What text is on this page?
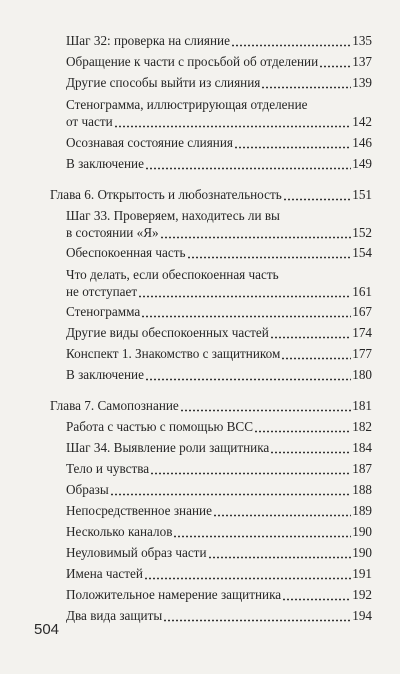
Шаг 32: проверка на слияние	135
Обращение к части с просьбой об отделении	137
Другие способы выйти из слияния	139
Стенограмма, иллюстрирующая отделение
от части	142
Осознавая состояние слияния	146
В заключение	149
Глава 6. Открытость и любознательность	151
Шаг 33. Проверяем, находитесь ли вы
в состоянии «Я»	152
Обеспокоенная часть	154
Что делать, если обеспокоенная часть
не отступает	161
Стенограмма	167
Другие виды обеспокоенных частей	174
Конспект 1. Знакомство с защитником	177
В заключение	180
Глава 7. Самопознание	181
Работа с частью с помощью ВСС	182
Шаг 34. Выявление роли защитника	184
Тело и чувства	187
Образы	188
Непосредственное знание	189
Несколько каналов	190
Неуловимый образ части	190
Имена частей	191
Положительное намерение защитника	192
Два вида защиты	194
504
